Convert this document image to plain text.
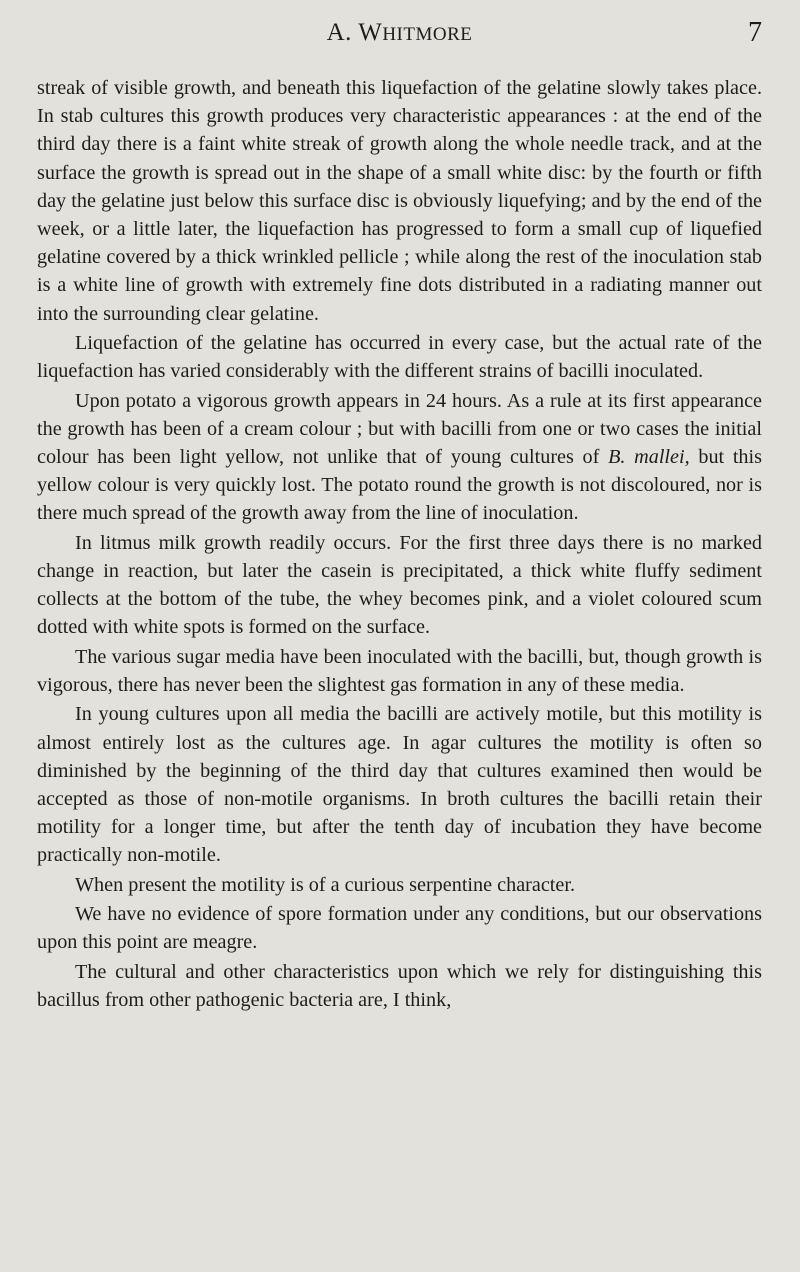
A. WHITMORE	7

streak of visible growth, and beneath this liquefaction of the gelatine slowly takes place. In stab cultures this growth produces very characteristic appearances : at the end of the third day there is a faint white streak of growth along the whole needle track, and at the surface the growth is spread out in the shape of a small white disc: by the fourth or fifth day the gelatine just below this surface disc is obviously liquefying; and by the end of the week, or a little later, the liquefaction has progressed to form a small cup of liquefied gelatine covered by a thick wrinkled pellicle ; while along the rest of the inoculation stab is a white line of growth with extremely fine dots distributed in a radiating manner out into the surrounding clear gelatine.

Liquefaction of the gelatine has occurred in every case, but the actual rate of the liquefaction has varied considerably with the different strains of bacilli inoculated.

Upon potato a vigorous growth appears in 24 hours. As a rule at its first appearance the growth has been of a cream colour ; but with bacilli from one or two cases the initial colour has been light yellow, not unlike that of young cultures of B. mallei, but this yellow colour is very quickly lost. The potato round the growth is not discoloured, nor is there much spread of the growth away from the line of inoculation.

In litmus milk growth readily occurs. For the first three days there is no marked change in reaction, but later the casein is precipitated, a thick white fluffy sediment collects at the bottom of the tube, the whey becomes pink, and a violet coloured scum dotted with white spots is formed on the surface.

The various sugar media have been inoculated with the bacilli, but, though growth is vigorous, there has never been the slightest gas formation in any of these media.

In young cultures upon all media the bacilli are actively motile, but this motility is almost entirely lost as the cultures age. In agar cultures the motility is often so diminished by the beginning of the third day that cultures examined then would be accepted as those of non-motile organisms. In broth cultures the bacilli retain their motility for a longer time, but after the tenth day of incubation they have become practically non-motile.

When present the motility is of a curious serpentine character.

We have no evidence of spore formation under any conditions, but our observations upon this point are meagre.

The cultural and other characteristics upon which we rely for distinguishing this bacillus from other pathogenic bacteria are, I think,
